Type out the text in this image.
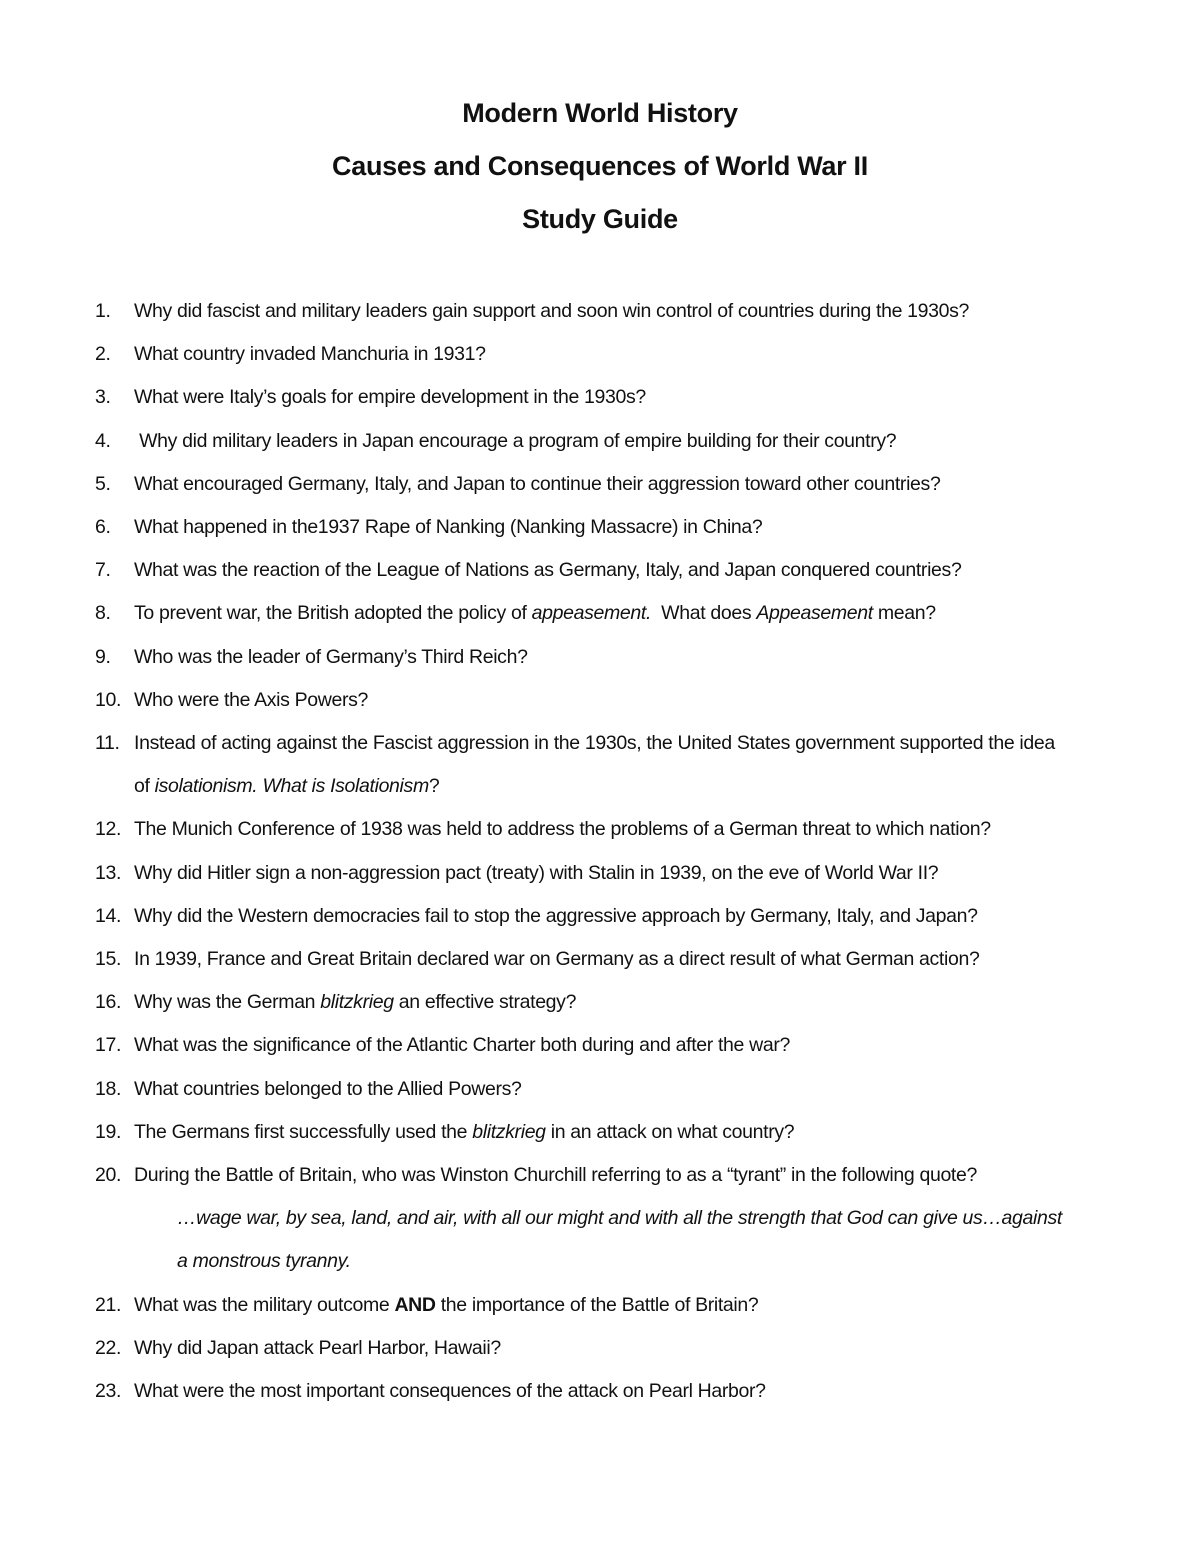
Modern World History
Causes and Consequences of World War II
Study Guide
1. Why did fascist and military leaders gain support and soon win control of countries during the 1930s?
2. What country invaded Manchuria in 1931?
3. What were Italy’s goals for empire development in the 1930s?
4. Why did military leaders in Japan encourage a program of empire building for their country?
5. What encouraged Germany, Italy, and Japan to continue their aggression toward other countries?
6. What happened in the1937 Rape of Nanking (Nanking Massacre) in China?
7. What was the reaction of the League of Nations as Germany, Italy, and Japan conquered countries?
8. To prevent war, the British adopted the policy of appeasement.  What does Appeasement mean?
9. Who was the leader of Germany’s Third Reich?
10. Who were the Axis Powers?
11. Instead of acting against the Fascist aggression in the 1930s, the United States government supported the idea
of isolationism. What is Isolationism?
12. The Munich Conference of 1938 was held to address the problems of a German threat to which nation?
13. Why did Hitler sign a non-aggression pact (treaty) with Stalin in 1939, on the eve of World War II?
14. Why did the Western democracies fail to stop the aggressive approach by Germany, Italy, and Japan?
15. In 1939, France and Great Britain declared war on Germany as a direct result of what German action?
16. Why was the German blitzkrieg an effective strategy?
17. What was the significance of the Atlantic Charter both during and after the war?
18. What countries belonged to the Allied Powers?
19. The Germans first successfully used the blitzkrieg in an attack on what country?
20. During the Battle of Britain, who was Winston Churchill referring to as a “tyrant” in the following quote?
…wage war, by sea, land, and air, with all our might and with all the strength that God can give us…against
a monstrous tyranny.
21. What was the military outcome AND the importance of the Battle of Britain?
22. Why did Japan attack Pearl Harbor, Hawaii?
23. What were the most important consequences of the attack on Pearl Harbor?
